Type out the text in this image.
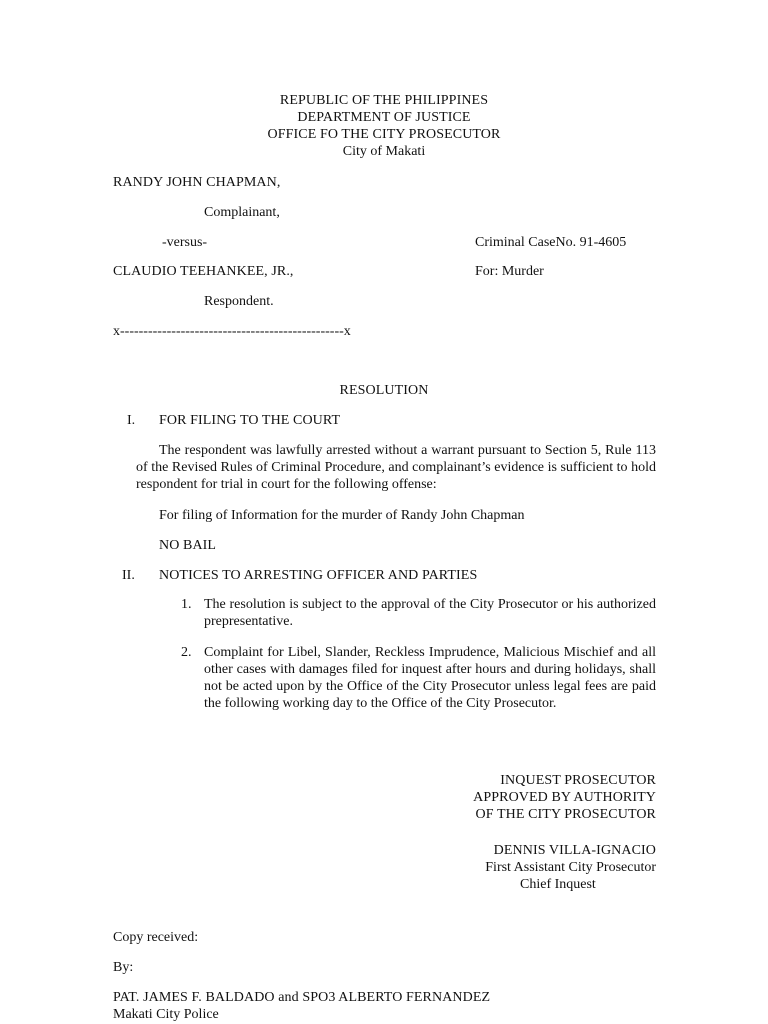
REPUBLIC OF THE PHILIPPINES
DEPARTMENT OF JUSTICE
OFFICE FO THE CITY PROSECUTOR
City of Makati
RANDY JOHN CHAPMAN,
Complainant,
-versus-	Criminal CaseNo. 91-4605
CLAUDIO TEEHANKEE, JR.,	For: Murder
Respondent.
x------------------------------------------------x
RESOLUTION
I. FOR FILING TO THE COURT
The respondent was lawfully arrested without a warrant pursuant to Section 5, Rule 113 of the Revised Rules of Criminal Procedure, and complainant’s evidence is sufficient to hold respondent for trial in court for the following offense:
For filing of Information for the murder of Randy John Chapman
NO BAIL
II. NOTICES TO ARRESTING OFFICER AND PARTIES
1. The resolution is subject to the approval of the City Prosecutor or his authorized prepresentative.
2. Complaint for Libel, Slander, Reckless Imprudence, Malicious Mischief and all other cases with damages filed for inquest after hours and during holidays, shall not be acted upon by the Office of the City Prosecutor unless legal fees are paid the following working day to the Office of the City Prosecutor.
INQUEST PROSECUTOR
APPROVED BY AUTHORITY
OF THE CITY PROSECUTOR
DENNIS VILLA-IGNACIO
First Assistant City Prosecutor
Chief Inquest
Copy received:
By:
PAT. JAMES F. BALDADO and SPO3 ALBERTO FERNANDEZ
Makati City Police
